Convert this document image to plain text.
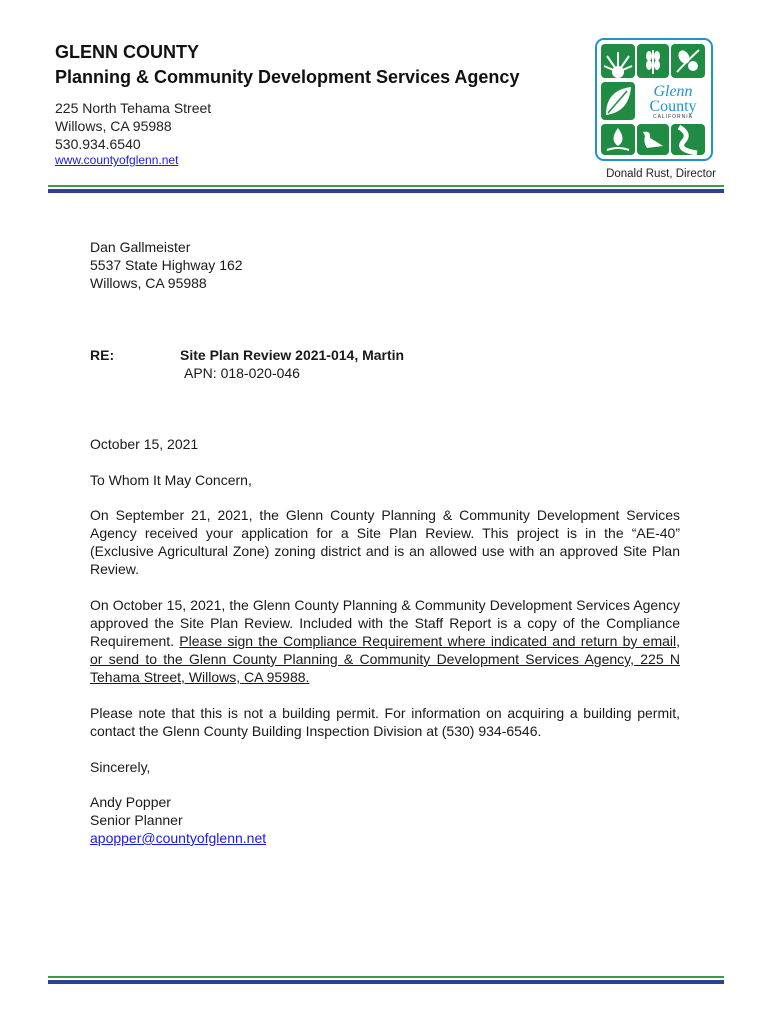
GLENN COUNTY
Planning & Community Development Services Agency
225 North Tehama Street
Willows, CA 95988
530.934.6540
www.countyofglenn.net
Donald Rust, Director
Glenn
County
CALIFORNIA
Dan Gallmeister
5537 State Highway 162
Willows, CA 95988
RE:	Site Plan Review 2021-014, Martin
APN: 018-020-046
October 15, 2021
To Whom It May Concern,
On September 21, 2021, the Glenn County Planning & Community Development Services Agency received your application for a Site Plan Review. This project is in the “AE-40” (Exclusive Agricultural Zone) zoning district and is an allowed use with an approved Site Plan Review.
On October 15, 2021, the Glenn County Planning & Community Development Services Agency approved the Site Plan Review. Included with the Staff Report is a copy of the Compliance Requirement. Please sign the Compliance Requirement where indicated and return by email, or send to the Glenn County Planning & Community Development Services Agency, 225 N Tehama Street, Willows, CA 95988.
Please note that this is not a building permit. For information on acquiring a building permit, contact the Glenn County Building Inspection Division at (530) 934-6546.
Sincerely,
Andy Popper
Senior Planner
apopper@countyofglenn.net
